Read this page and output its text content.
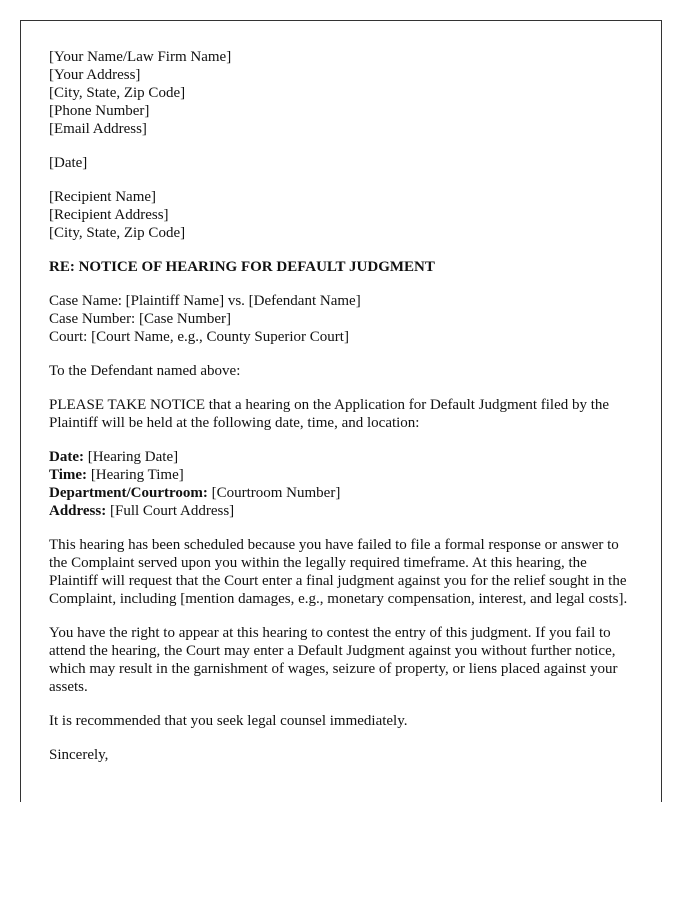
[Your Name/Law Firm Name]
[Your Address]
[City, State, Zip Code]
[Phone Number]
[Email Address]

[Date]

[Recipient Name]
[Recipient Address]
[City, State, Zip Code]

RE: NOTICE OF HEARING FOR DEFAULT JUDGMENT

Case Name: [Plaintiff Name] vs. [Defendant Name]
Case Number: [Case Number]
Court: [Court Name, e.g., County Superior Court]

To the Defendant named above:

PLEASE TAKE NOTICE that a hearing on the Application for Default Judgment filed by the Plaintiff will be held at the following date, time, and location:

Date: [Hearing Date]
Time: [Hearing Time]
Department/Courtroom: [Courtroom Number]
Address: [Full Court Address]

This hearing has been scheduled because you have failed to file a formal response or answer to the Complaint served upon you within the legally required timeframe. At this hearing, the Plaintiff will request that the Court enter a final judgment against you for the relief sought in the Complaint, including [mention damages, e.g., monetary compensation, interest, and legal costs].

You have the right to appear at this hearing to contest the entry of this judgment. If you fail to attend the hearing, the Court may enter a Default Judgment against you without further notice, which may result in the garnishment of wages, seizure of property, or liens placed against your assets.

It is recommended that you seek legal counsel immediately.

Sincerely,
